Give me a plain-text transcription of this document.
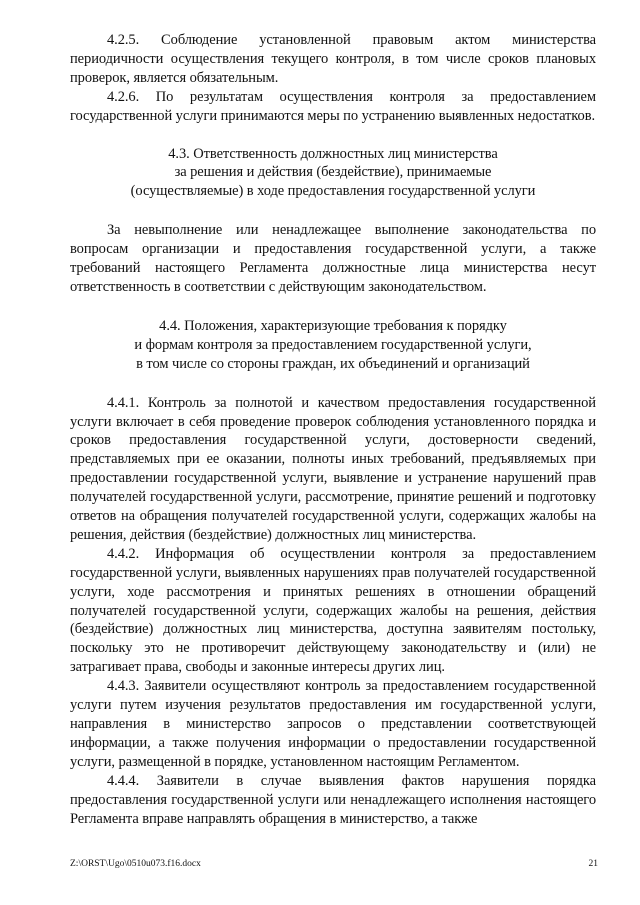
4.2.5. Соблюдение установленной правовым актом министерства периодичности осуществления текущего контроля, в том числе сроков плановых проверок, является обязательным.

4.2.6. По результатам осуществления контроля за предоставлением государственной услуги принимаются меры по устранению выявленных недостатков.

4.3. Ответственность должностных лиц министерства
за решения и действия (бездействие), принимаемые
(осуществляемые) в ходе предоставления государственной услуги

За невыполнение или ненадлежащее выполнение законодательства по вопросам организации и предоставления государственной услуги, а также требований настоящего Регламента должностные лица министерства несут ответственность в соответствии с действующим законодательством.

4.4. Положения, характеризующие требования к порядку
и формам контроля за предоставлением государственной услуги,
в том числе со стороны граждан, их объединений и организаций

4.4.1. Контроль за полнотой и качеством предоставления государственной услуги включает в себя проведение проверок соблюдения установленного порядка и сроков предоставления государственной услуги, достоверности сведений, представляемых при ее оказании, полноты иных требований, предъявляемых при предоставлении государственной услуги, выявление и устранение нарушений прав получателей государственной услуги, рассмотрение, принятие решений и подготовку ответов на обращения получателей государственной услуги, содержащих жалобы на решения, действия (бездействие) должностных лиц министерства.

4.4.2. Информация об осуществлении контроля за предоставлением государственной услуги, выявленных нарушениях прав получателей государственной услуги, ходе рассмотрения и принятых решениях в отношении обращений получателей государственной услуги, содержащих жалобы на решения, действия (бездействие) должностных лиц министерства, доступна заявителям постольку, поскольку это не противоречит действующему законодательству и (или) не затрагивает права, свободы и законные интересы других лиц.

4.4.3. Заявители осуществляют контроль за предоставлением государственной услуги путем изучения результатов предоставления им государственной услуги, направления в министерство запросов о представлении соответствующей информации, а также получения информации о предоставлении государственной услуги, размещенной в порядке, установленном настоящим Регламентом.

4.4.4. Заявители в случае выявления фактов нарушения порядка предоставления государственной услуги или ненадлежащего исполнения настоящего Регламента вправе направлять обращения в министерство, а также

Z:\ORST\Ugo\0510u073.f16.docx	21
